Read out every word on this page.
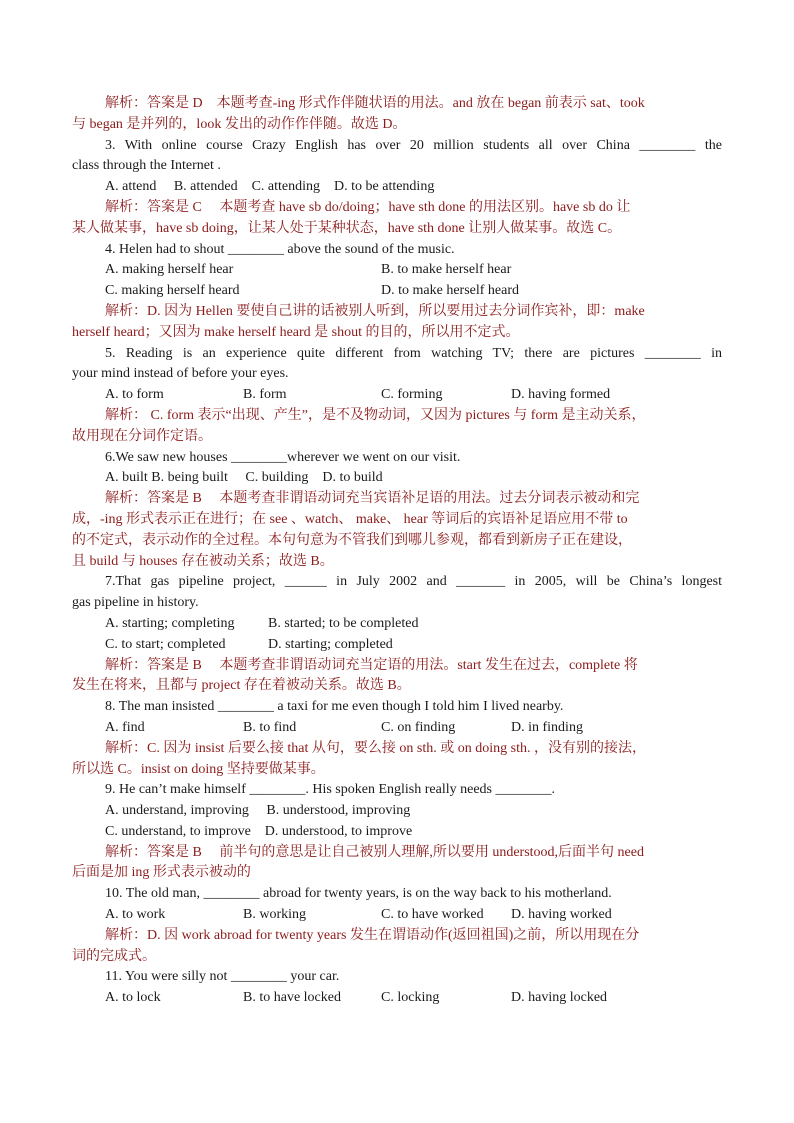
解析：答案是 D　本题考查-ing 形式作伴随状语的用法。and 放在 began 前表示 sat、took
与 began 是并列的，look 发出的动作作伴随。故选 D。
3. With online course Crazy English has over 20 million students all over China ________ the
class through the Internet .
A. attend　 B. attended　C. attending　D. to be attending
解析：答案是 C　 本题考查 have sb do/doing；have sth done 的用法区别。have sb do 让
某人做某事，have sb doing，让某人处于某种状态，have sth done 让别人做某事。故选 C。
4. Helen had to shout ________ above the sound of the music.
A. making herself hear	B. to make herself hear
C. making herself heard	D. to make herself heard
解析：D. 因为 Hellen 要使自己讲的话被别人听到，所以要用过去分词作宾补，即：make
herself heard；又因为 make herself heard 是 shout 的目的，所以用不定式。
5. Reading is an experience quite different from watching TV; there are pictures ________ in
your mind instead of before your eyes.
A. to form	B. form	C. forming	D. having formed
解析： C. form 表示“出现、产生”，是不及物动词，又因为 pictures 与 form 是主动关系，
故用现在分词作定语。
6.We saw new houses ________wherever we went on our visit.
A. built B. being built　 C. building　D. to build
解析：答案是 B　 本题考查非谓语动词充当宾语补足语的用法。过去分词表示被动和完
成，-ing 形式表示正在进行；在 see 、watch、 make、 hear 等词后的宾语补足语应用不带 to
的不定式，表示动作的全过程。本句句意为不管我们到哪儿参观，都看到新房子正在建设，
且 build 与 houses 存在被动关系；故选 B。
7.That gas pipeline project, ______ in July 2002 and _______ in 2005, will be China’s longest
gas pipeline in history.
A. starting; completing B. started; to be completed
C. to start; completed	D. starting; completed
解析：答案是 B　 本题考查非谓语动词充当定语的用法。start 发生在过去，complete 将
发生在将来，且都与 project 存在着被动关系。故选 B。
8. The man insisted ________ a taxi for me even though I told him I lived nearby.
A. find	B. to find	C. on finding	D. in finding
解析：C. 因为 insist 后要么接 that 从句，要么接 on sth. 或 on doing sth. ，没有别的接法，
所以选 C。insist on doing 坚持要做某事。
9. He can’t make himself ________. His spoken English really needs ________.
A. understand, improving　 B. understood, improving
C. understand, to improve　D. understood, to improve
解析：答案是 B　 前半句的意思是让自己被别人理解,所以要用 understood,后面半句 need
后面是加 ing 形式表示被动的
10. The old man, ________ abroad for twenty years, is on the way back to his motherland.
A. to work	B. working	C. to have worked D. having worked
解析：D. 因 work abroad for twenty years 发生在谓语动作(返回祖国)之前，所以用现在分
词的完成式。
11. You were silly not ________ your car.
A. to lock	B. to have locked	C. locking	D. having locked
